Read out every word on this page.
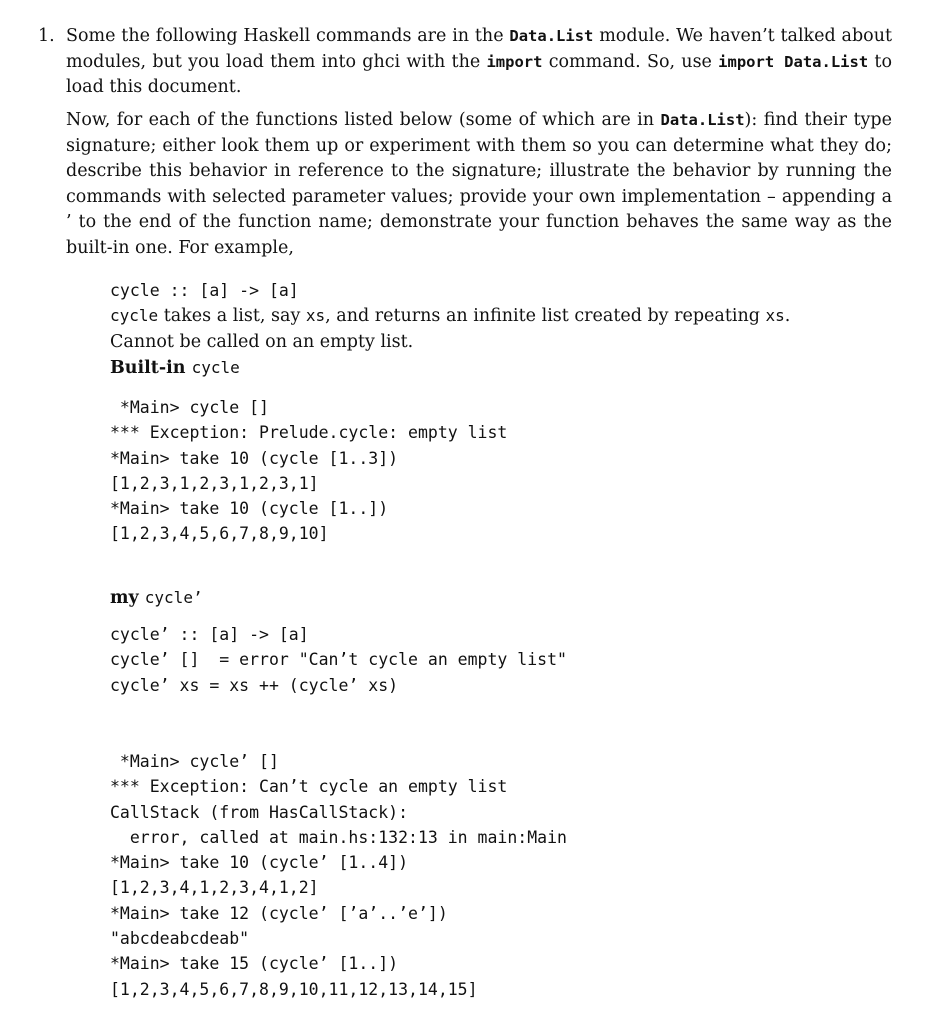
1. Some the following Haskell commands are in the Data.List module. We haven’t talked about modules, but you load them into ghci with the import command. So, use import Data.List to load this document.

Now, for each of the functions listed below (some of which are in Data.List): find their type signature; either look them up or experiment with them so you can determine what they do; describe this behavior in reference to the signature; illustrate the behavior by running the commands with selected parameter values; provide your own implementation – appending a ’ to the end of the function name; demonstrate your function behaves the same way as the built-in one. For example,

cycle :: [a] -> [a]
cycle takes a list, say xs, and returns an infinite list created by repeating xs.
Cannot be called on an empty list.
Built-in cycle
*Main> cycle []
*** Exception: Prelude.cycle: empty list
*Main> take 10 (cycle [1..3])
[1,2,3,1,2,3,1,2,3,1]
*Main> take 10 (cycle [1..])
[1,2,3,4,5,6,7,8,9,10]
my cycle’
cycle’ :: [a] -> [a]
cycle’ []  = error "Can’t cycle an empty list"
cycle’ xs = xs ++ (cycle’ xs)
*Main> cycle’ []
*** Exception: Can’t cycle an empty list
CallStack (from HasCallStack):
error, called at main.hs:132:13 in main:Main
*Main> take 10 (cycle’ [1..4])
[1,2,3,4,1,2,3,4,1,2]
*Main> take 12 (cycle’ [’a’..’e’])
"abcdeabcdeab"
*Main> take 15 (cycle’ [1..])
[1,2,3,4,5,6,7,8,9,10,11,12,13,14,15]
